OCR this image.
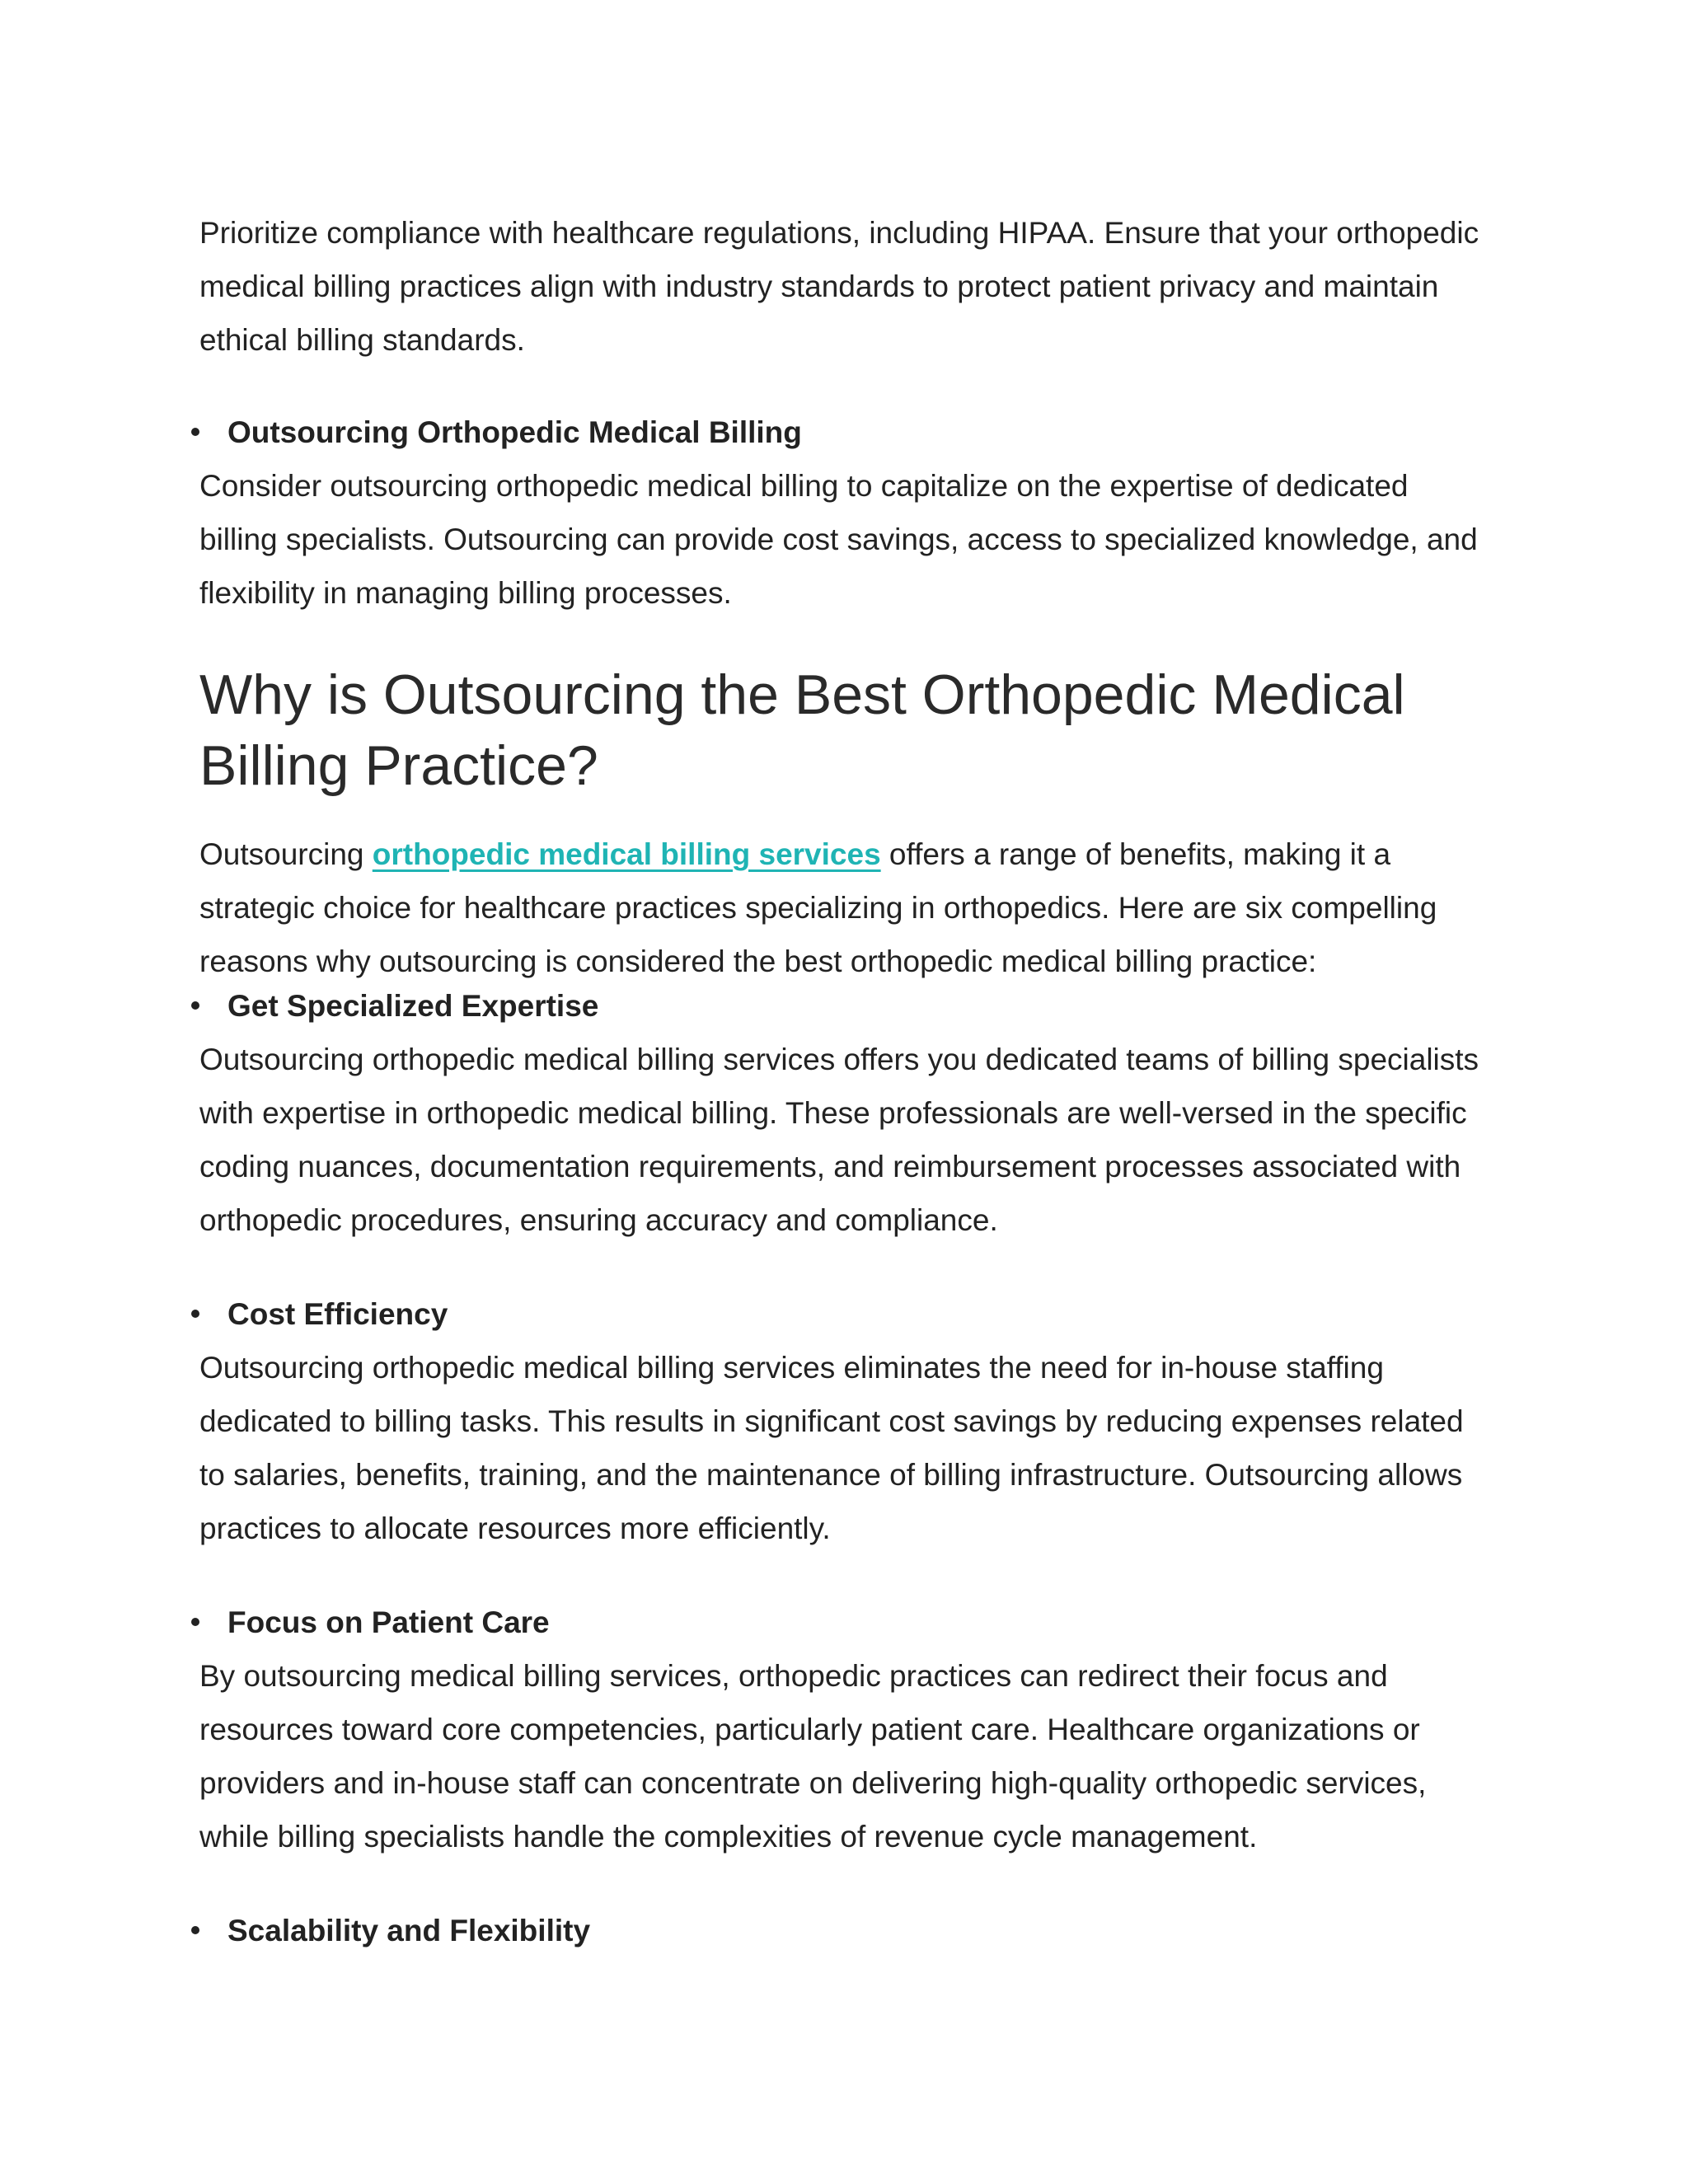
Prioritize compliance with healthcare regulations, including HIPAA. Ensure that your orthopedic medical billing practices align with industry standards to protect patient privacy and maintain ethical billing standards.

Outsourcing Orthopedic Medical Billing

Consider outsourcing orthopedic medical billing to capitalize on the expertise of dedicated billing specialists. Outsourcing can provide cost savings, access to specialized knowledge, and flexibility in managing billing processes.

Why is Outsourcing the Best Orthopedic Medical Billing Practice?

Outsourcing orthopedic medical billing services offers a range of benefits, making it a strategic choice for healthcare practices specializing in orthopedics. Here are six compelling reasons why outsourcing is considered the best orthopedic medical billing practice:

Get Specialized Expertise

Outsourcing orthopedic medical billing services offers you dedicated teams of billing specialists with expertise in orthopedic medical billing. These professionals are well-versed in the specific coding nuances, documentation requirements, and reimbursement processes associated with orthopedic procedures, ensuring accuracy and compliance.

Cost Efficiency

Outsourcing orthopedic medical billing services eliminates the need for in-house staffing dedicated to billing tasks. This results in significant cost savings by reducing expenses related to salaries, benefits, training, and the maintenance of billing infrastructure. Outsourcing allows practices to allocate resources more efficiently.

Focus on Patient Care

By outsourcing medical billing services, orthopedic practices can redirect their focus and resources toward core competencies, particularly patient care. Healthcare organizations or providers and in-house staff can concentrate on delivering high-quality orthopedic services, while billing specialists handle the complexities of revenue cycle management.

Scalability and Flexibility
